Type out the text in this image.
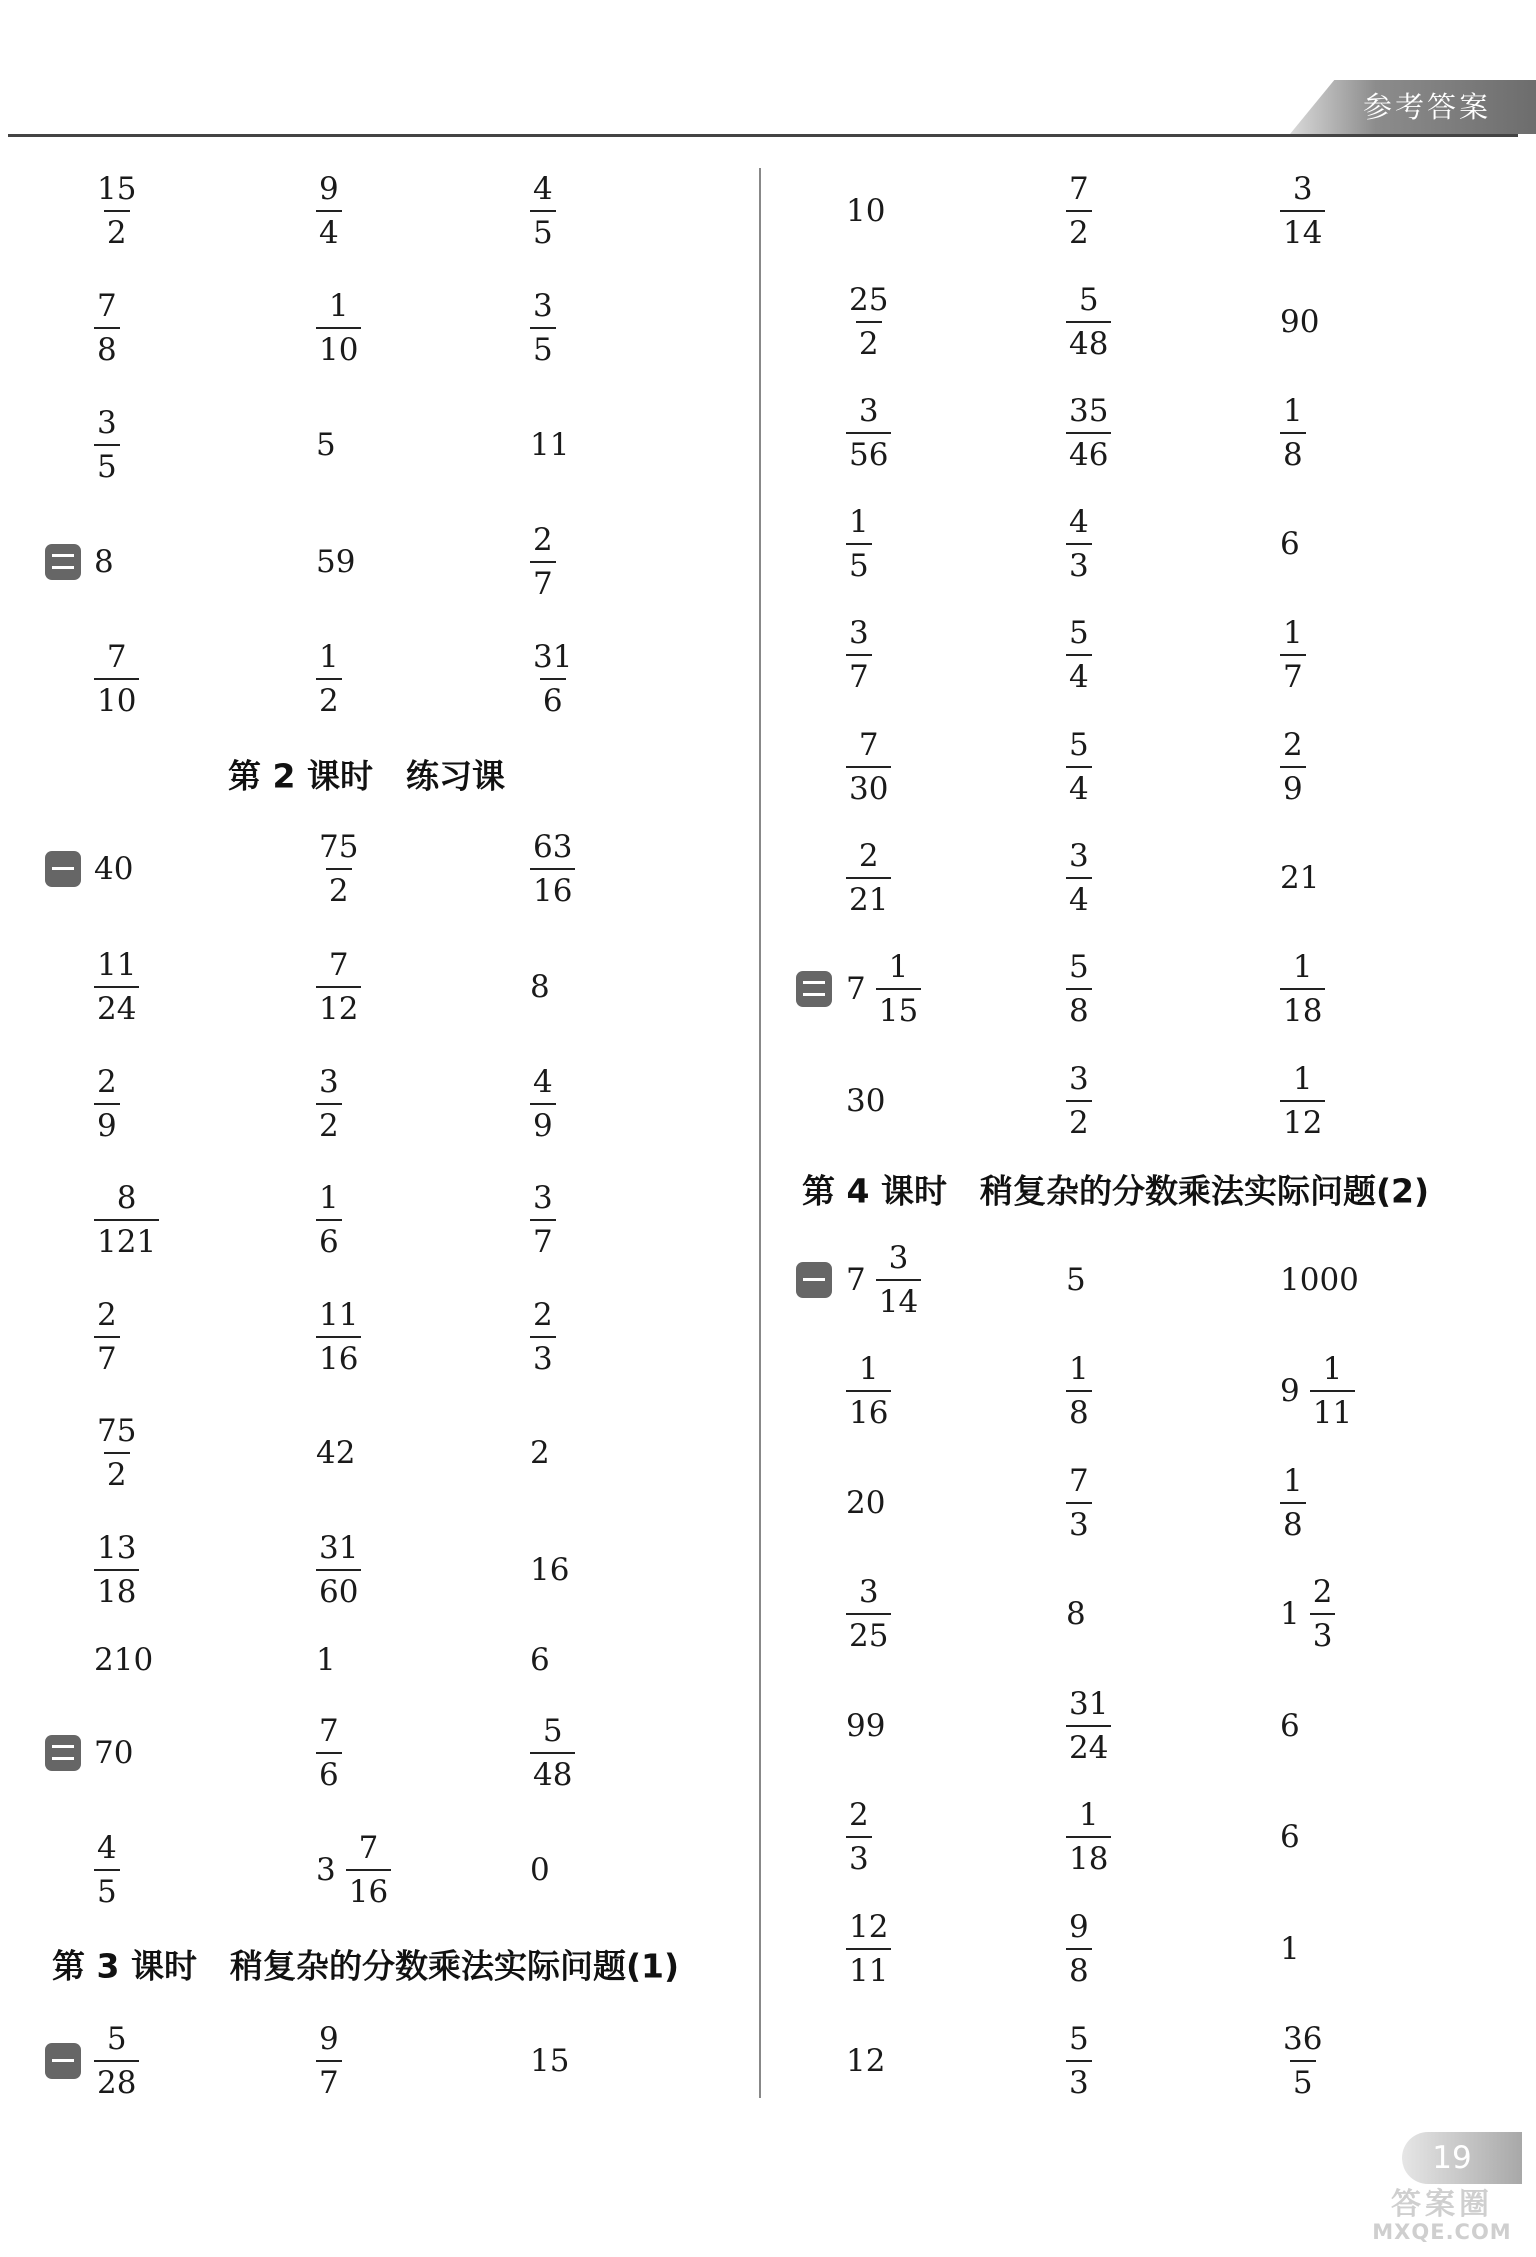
参考答案
$\frac{15}{2}$	$\frac{9}{4}$	$\frac{4}{5}$
$\frac{7}{8}$	$\frac{1}{10}$	$\frac{3}{5}$
$\frac{3}{5}$	5	11
8	59	$\frac{2}{7}$
$\frac{7}{10}$	$\frac{1}{2}$	$\frac{31}{6}$
40	$\frac{75}{2}$	$\frac{63}{16}$
$\frac{11}{24}$	$\frac{7}{12}$	8
$\frac{2}{9}$	$\frac{3}{2}$	$\frac{4}{9}$
$\frac{8}{121}$	$\frac{1}{6}$	$\frac{3}{7}$
$\frac{2}{7}$	$\frac{11}{16}$	$\frac{2}{3}$
$\frac{75}{2}$	42	2
$\frac{13}{18}$	$\frac{31}{60}$	16
210	1	6
70	$\frac{7}{6}$	$\frac{5}{48}$
$\frac{4}{5}$	$3 \frac{7}{16}$	0
$\frac{5}{28}$	$\frac{9}{7}$	15
10	$\frac{7}{2}$	$\frac{3}{14}$
$\frac{25}{2}$	$\frac{5}{48}$	90
$\frac{3}{56}$	$\frac{35}{46}$	$\frac{1}{8}$
$\frac{1}{5}$	$\frac{4}{3}$	6
$\frac{3}{7}$	$\frac{5}{4}$	$\frac{1}{7}$
$\frac{7}{30}$	$\frac{5}{4}$	$\frac{2}{9}$
$\frac{2}{21}$	$\frac{3}{4}$	21
$7 \frac{1}{15}$	$\frac{5}{8}$	$\frac{1}{18}$
30	$\frac{3}{2}$	$\frac{1}{12}$
$7 \frac{3}{14}$	5	1000
$\frac{1}{16}$	$\frac{1}{8}$	$9 \frac{1}{11}$
20	$\frac{7}{3}$	$\frac{1}{8}$
$\frac{3}{25}$	8	$1 \frac{2}{3}$
99	$\frac{31}{24}$	6
$\frac{2}{3}$	$\frac{1}{18}$	6
$\frac{12}{11}$	$\frac{9}{8}$	1
12	$\frac{5}{3}$	$\frac{36}{5}$
第 2 课时　练习课
第 3 课时　稍复杂的分数乘法实际问题(1)
第 4 课时　稍复杂的分数乘法实际问题(2)
19
答案圈
MXQE.COM
